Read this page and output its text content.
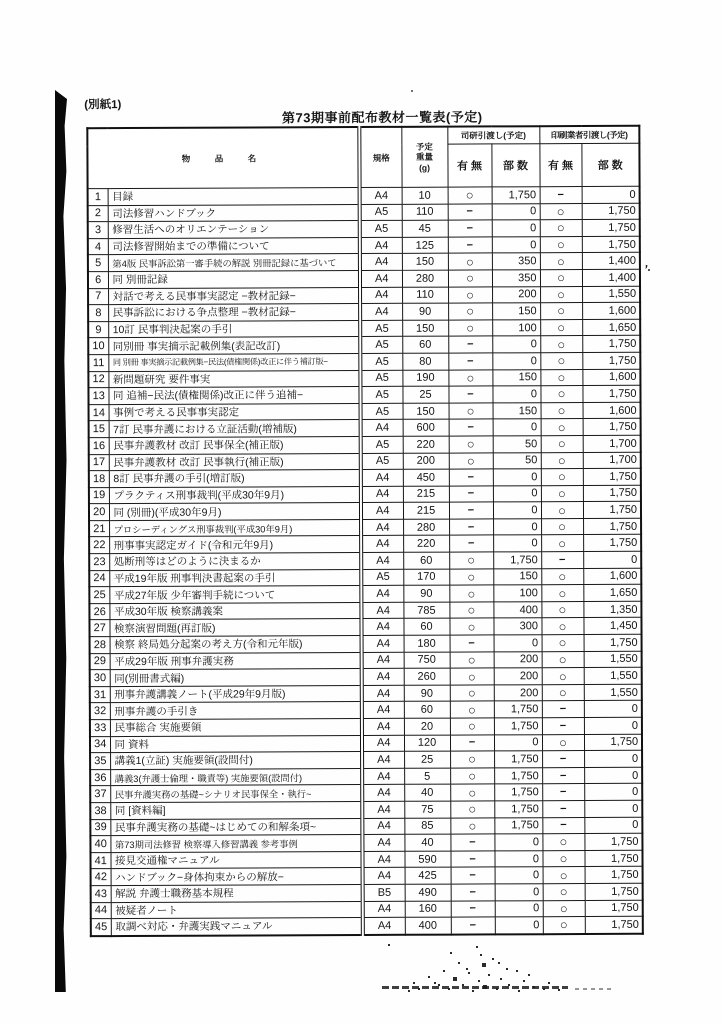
(別紙1)
第73期事前配布教材一覧表(予定)
物　品　名		規格	予定
重量
(g)	司研引渡し(予定)		印刷業者引渡し(予定)	
				有 無	部 数	有 無	部 数
1	目録	A4	10	○	1,750	−	0
2	司法修習ハンドブック	A5	110	−	0	○	1,750
3	修習生活へのオリエンテーション	A5	45	−	0	○	1,750
4	司法修習開始までの準備について	A4	125	−	0	○	1,750
5	第4版 民事訴訟第一審手続の解説 別冊記録に基づいて	A4	150	○	350	○	1,400
6	同 別冊記録	A4	280	○	350	○	1,400
7	対話で考える民事事実認定 −教材記録−	A4	110	○	200	○	1,550
8	民事訴訟における争点整理 −教材記録−	A4	90	○	150	○	1,600
9	10訂 民事判決起案の手引	A5	150	○	100	○	1,650
10	同別冊 事実摘示記載例集(表記改訂)	A5	60	−	0	○	1,750
11	同 別冊 事実摘示記載例集−民法(債権関係)改正に伴う補訂版−	A5	80	−	0	○	1,750
12	新問題研究 要件事実	A5	190	○	150	○	1,600
13	同 追補−民法(債権関係)改正に伴う追補−	A5	25	−	0	○	1,750
14	事例で考える民事事実認定	A5	150	○	150	○	1,600
15	7訂 民事弁護における立証活動(増補版)	A4	600	−	0	○	1,750
16	民事弁護教材 改訂 民事保全(補正版)	A5	220	○	50	○	1,700
17	民事弁護教材 改訂 民事執行(補正版)	A5	200	○	50	○	1,700
18	8訂 民事弁護の手引(増訂版)	A4	450	−	0	○	1,750
19	プラクティス刑事裁判(平成30年9月)	A4	215	−	0	○	1,750
20	同 (別冊)(平成30年9月)	A4	215	−	0	○	1,750
21	プロシーディングス刑事裁判(平成30年9月)	A4	280	−	0	○	1,750
22	刑事事実認定ガイド(令和元年9月)	A4	220	−	0	○	1,750
23	処断刑等はどのように決まるか	A4	60	○	1,750	−	0
24	平成19年版 刑事判決書起案の手引	A5	170	○	150	○	1,600
25	平成27年版 少年審判手続について	A4	90	○	100	○	1,650
26	平成30年版 検察講義案	A4	785	○	400	○	1,350
27	検察演習問題(再訂版)	A4	60	○	300	○	1,450
28	検察 終局処分起案の考え方(令和元年版)	A4	180	−	0	○	1,750
29	平成29年版 刑事弁護実務	A4	750	○	200	○	1,550
30	同(別冊書式編)	A4	260	○	200	○	1,550
31	刑事弁護講義ノート(平成29年9月版)	A4	90	○	200	○	1,550
32	刑事弁護の手引き	A4	60	○	1,750	−	0
33	民事総合 実施要領	A4	20	○	1,750	−	0
34	同 資料	A4	120	−	0	○	1,750
35	講義1(立証) 実施要領(設問付)	A4	25	○	1,750	−	0
36	講義3(弁護士倫理・職責等) 実施要領(設問付)	A4	5	○	1,750	−	0
37	民事弁護実務の基礎~シナリオ民事保全・執行~	A4	40	○	1,750	−	0
38	同 [資料編]	A4	75	○	1,750	−	0
39	民事弁護実務の基礎~はじめての和解条項~	A4	85	○	1,750	−	0
40	第73期司法修習 検察導入修習講義 参考事例	A4	40	−	0	○	1,750
41	接見交通権マニュアル	A4	590	−	0	○	1,750
42	ハンドブック−身体拘束からの解放−	A4	425	−	0	○	1,750
43	解説 弁護士職務基本規程	B5	490	−	0	○	1,750
44	被疑者ノート	A4	160	−	0	○	1,750
45	取調べ対応・弁護実践マニュアル	A4	400	−	0	○	1,750
’·
